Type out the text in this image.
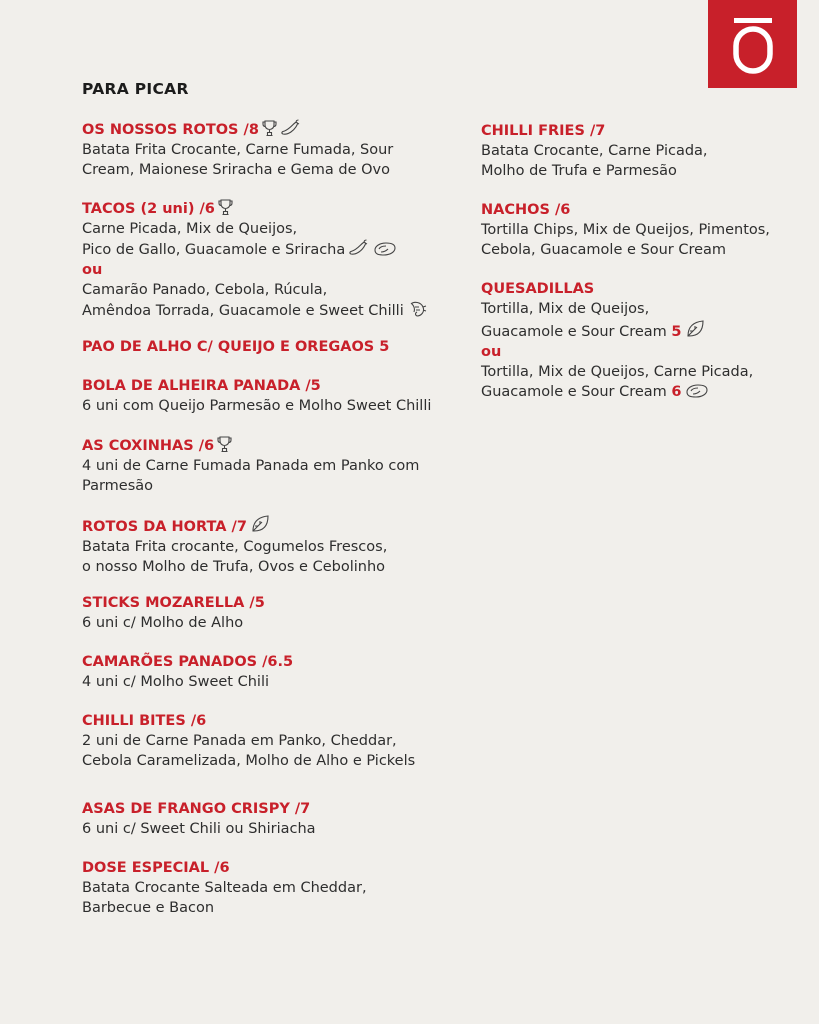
PARA PICAR
OS NOSSOS ROTOS /8
Batata Frita Crocante, Carne Fumada, Sour
Cream, Maionese Sriracha e Gema de Ovo
TACOS (2 uni) /6
Carne Picada, Mix de Queijos,
Pico de Gallo, Guacamole e Sriracha
ou
Camarão Panado, Cebola, Rúcula,
Amêndoa Torrada, Guacamole e Sweet Chilli
PAO DE ALHO C/ QUEIJO E OREGAOS 5
BOLA DE ALHEIRA PANADA /5
6 uni com Queijo Parmesão e Molho Sweet Chilli
AS COXINHAS /6
4 uni de Carne Fumada Panada em Panko com
Parmesão
ROTOS DA HORTA /7
Batata Frita crocante, Cogumelos Frescos,
o nosso Molho de Trufa, Ovos e Cebolinho
STICKS MOZARELLA /5
6 uni c/ Molho de Alho
CAMARÕES PANADOS /6.5
4 uni c/ Molho Sweet Chili
CHILLI BITES /6
2 uni de Carne Panada em Panko, Cheddar,
Cebola Caramelizada, Molho de Alho e Pickels
ASAS DE FRANGO CRISPY /7
6 uni c/ Sweet Chili ou Shiriacha
DOSE ESPECIAL /6
Batata Crocante Salteada em Cheddar,
Barbecue e Bacon
CHILLI FRIES /7
Batata Crocante, Carne Picada,
Molho de Trufa e Parmesão
NACHOS /6
Tortilla Chips, Mix de Queijos, Pimentos,
Cebola, Guacamole e Sour Cream
QUESADILLAS
Tortilla, Mix de Queijos,
Guacamole e Sour Cream 5
ou
Tortilla, Mix de Queijos, Carne Picada,
Guacamole e Sour Cream 6
